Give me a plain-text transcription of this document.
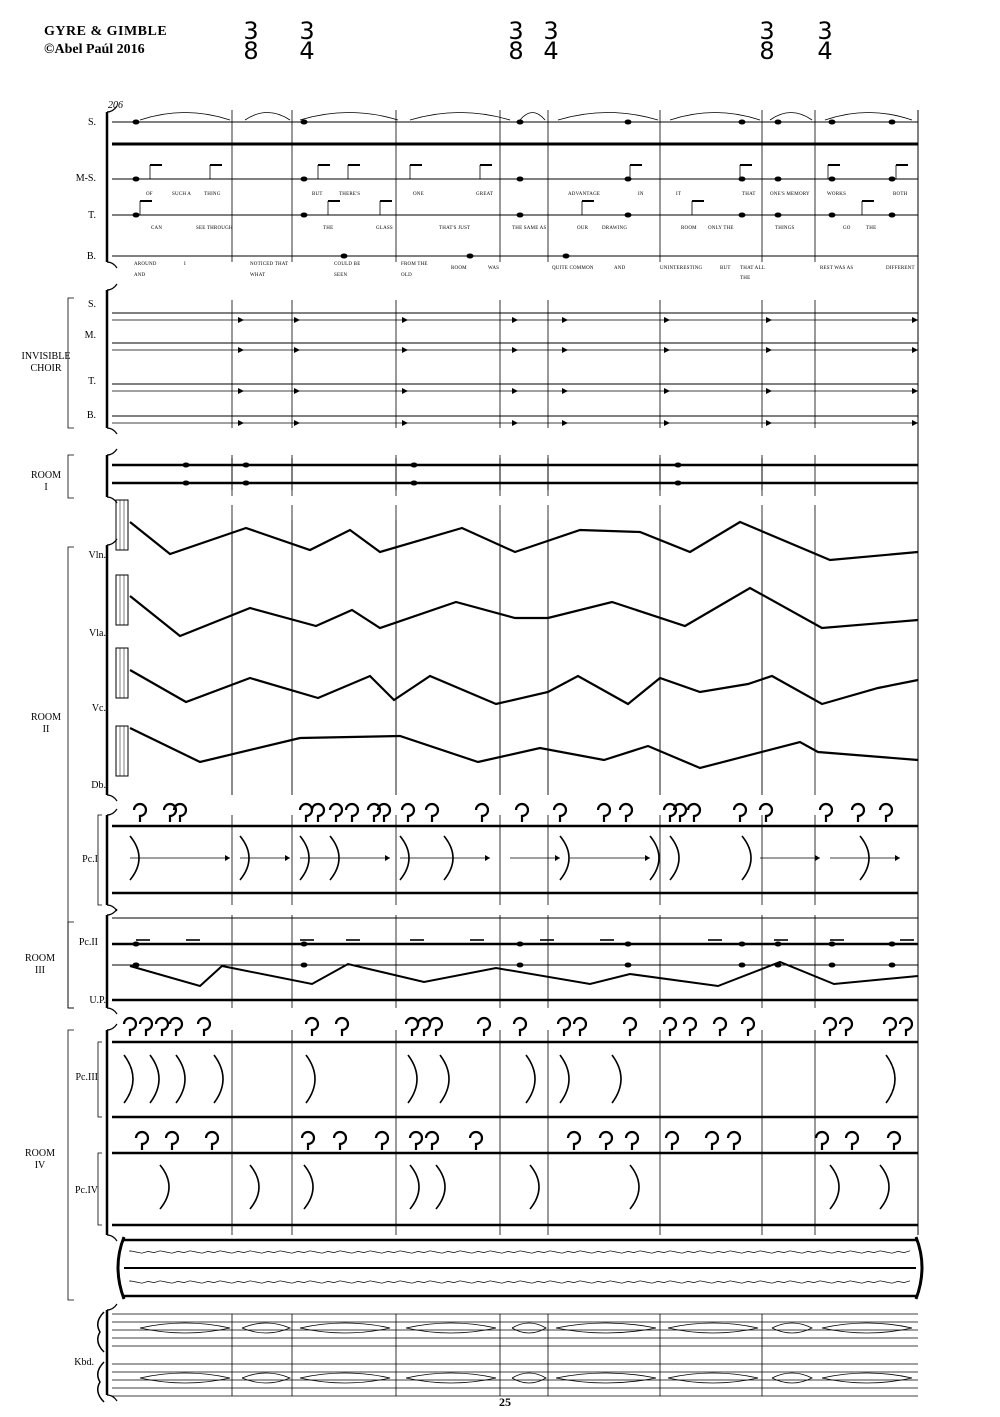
GYRE & GIMBLE
©Abel Paúl 2016
3
8
3
4
3
8
3
4
3
8
3
4
206
S.
M-S.
T.
B.
S.
M.
T.
B.
Vln.
Vla.
Vc.
Db.
Pc.I
Pc.II
U.P.
Pc.III
Pc.IV
Kbd.
INVISIBLE
CHOIR
ROOM
I
ROOM
II
ROOM
III
ROOM
IV
OF	SUCH A	THING	BUT	THERE'S	ONE	GREAT	ADVANTAGE	IN	IT	THAT	ONE'S MEMORY	WORKS	BOTH
CAN	SEE THROUGH	THE	GLASS	THAT'S JUST	THE SAME AS	OUR	DRAWING	ROOM ONLY THE	THINGS	GO	THE
AROUND	I	NOTICED THAT	COULD BE	FROM THE
ROOM	WAS	QUITE COMMON	UNINTERESTING	BUT THAT ALL	REST WAS AS	DIFFERENT
AND	WHAT	SEEN	OLD
AND
THE
25
